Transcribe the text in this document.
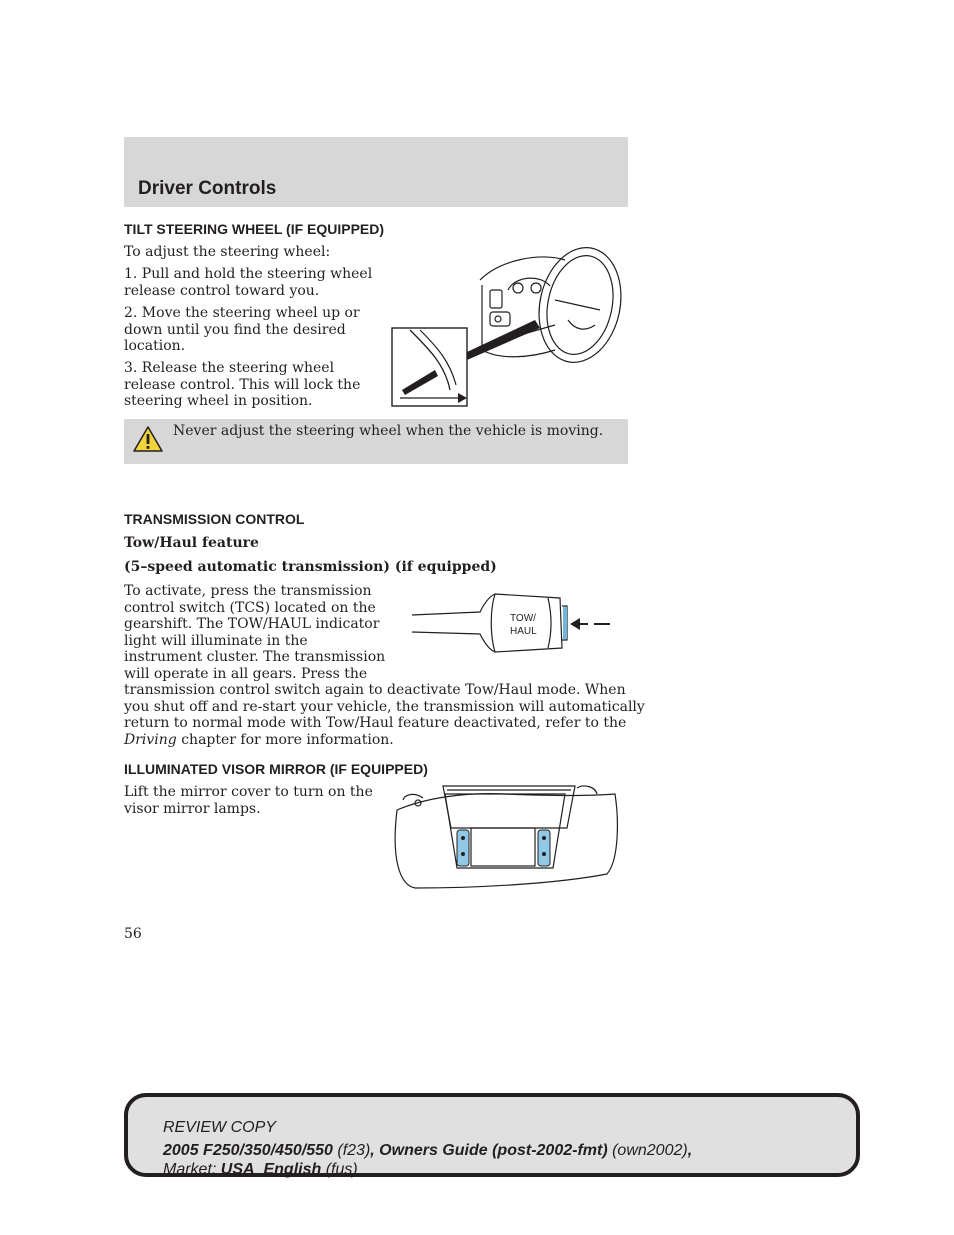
Driver Controls
TILT STEERING WHEEL (IF EQUIPPED)

To adjust the steering wheel:

1. Pull and hold the steering wheel
release control toward you.

2. Move the steering wheel up or
down until you find the desired
location.

3. Release the steering wheel
release control. This will lock the
steering wheel in position.

Never adjust the steering wheel when the vehicle is moving.
TRANSMISSION CONTROL

Tow/Haul feature

(5–speed automatic transmission) (if equipped)

To activate, press the transmission
control switch (TCS) located on the
gearshift. The TOW/HAUL indicator
light will illuminate in the
instrument cluster. The transmission
will operate in all gears. Press the
transmission control switch again to deactivate Tow/Haul mode. When
you shut off and re-start your vehicle, the transmission will automatically
return to normal mode with Tow/Haul feature deactivated, refer to the
Driving chapter for more information.

TOW/
HAUL
ILLUMINATED VISOR MIRROR (IF EQUIPPED)

Lift the mirror cover to turn on the
visor mirror lamps.

56

REVIEW COPY

2005 F250/350/450/550 (f23), Owners Guide (post-2002-fmt) (own2002),

Market: USA_English (fus)
